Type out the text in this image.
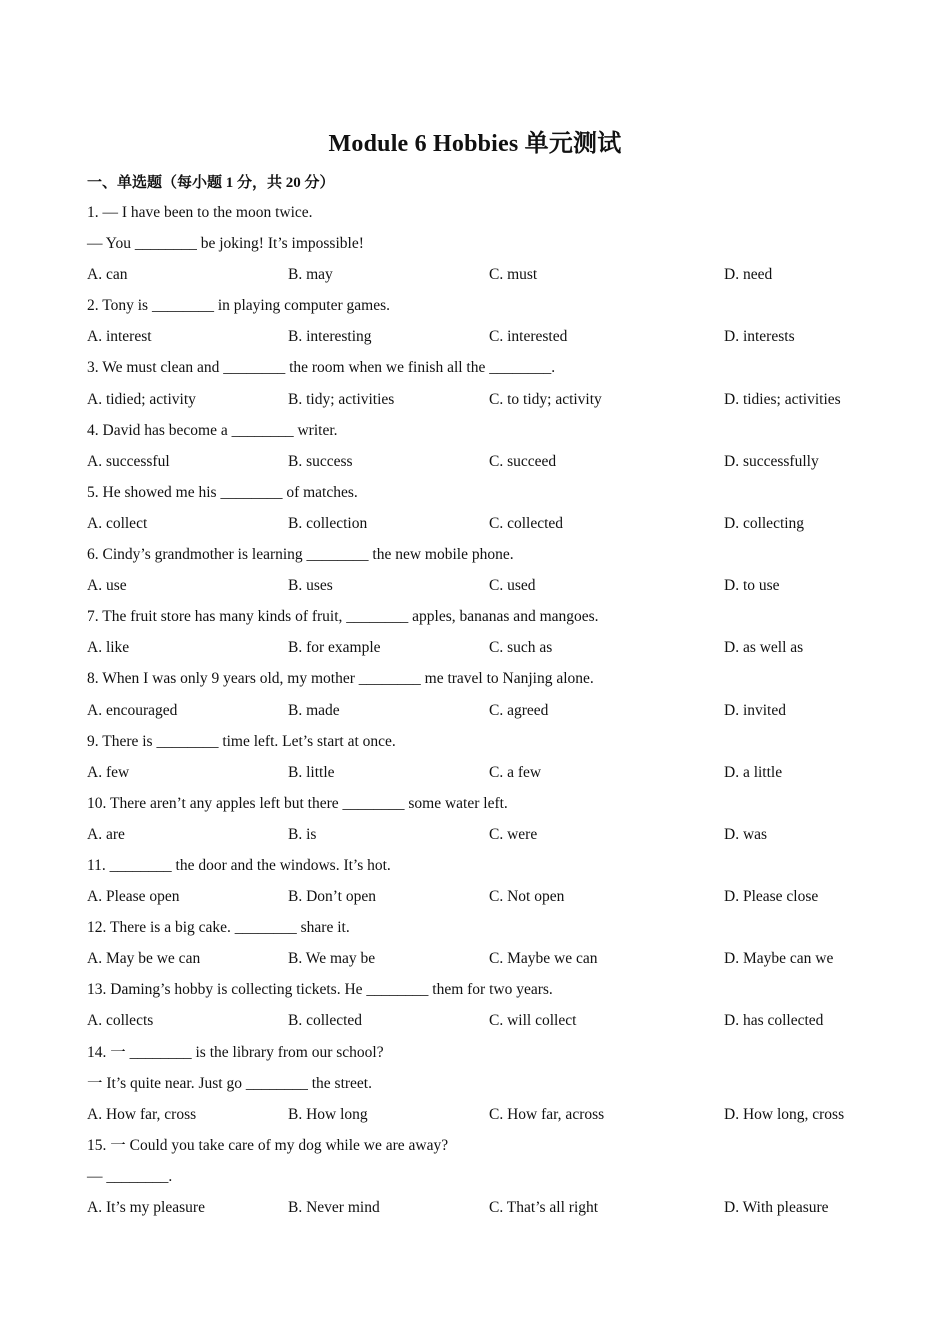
Module 6 Hobbies 单元测试
一、单选题（每小题 1 分，共 20 分）
1. — I have been to the moon twice.
— You ________ be joking! It’s impossible!
A. can	B. may	C. must	D. need
2. Tony is ________ in playing computer games.
A. interest	B. interesting	C. interested	D. interests
3. We must clean and ________ the room when we finish all the ________.
A. tidied; activity	B. tidy; activities	C. to tidy; activity	D. tidies; activities
4. David has become a ________ writer.
A. successful	B. success	C. succeed	D. successfully
5. He showed me his ________ of matches.
A. collect	B. collection	C. collected	D. collecting
6. Cindy’s grandmother is learning ________ the new mobile phone.
A. use	B. uses	C. used	D. to use
7. The fruit store has many kinds of fruit, ________ apples, bananas and mangoes.
A. like	B. for example	C. such as	D. as well as
8. When I was only 9 years old, my mother ________ me travel to Nanjing alone.
A. encouraged	B. made	C. agreed	D. invited
9. There is ________ time left. Let’s start at once.
A. few	B. little	C. a few	D. a little
10. There aren’t any apples left but there ________ some water left.
A. are	B. is	C. were	D. was
11. ________ the door and the windows. It’s hot.
A. Please open	B. Don’t open	C. Not open	D. Please close
12. There is a big cake. ________ share it.
A. May be we can	B. We may be	C. Maybe we can	D. Maybe can we
13. Daming’s hobby is collecting tickets. He ________ them for two years.
A. collects	B. collected	C. will collect	D. has collected
14. 一 ________ is the library from our school?
一 It’s quite near. Just go ________ the street.
A. How far, cross	B. How long	C. How far, across	D. How long, cross
15. 一 Could you take care of my dog while we are away?
— ________.
A. It’s my pleasure	B. Never mind	C. That’s all right	D. With pleasure
